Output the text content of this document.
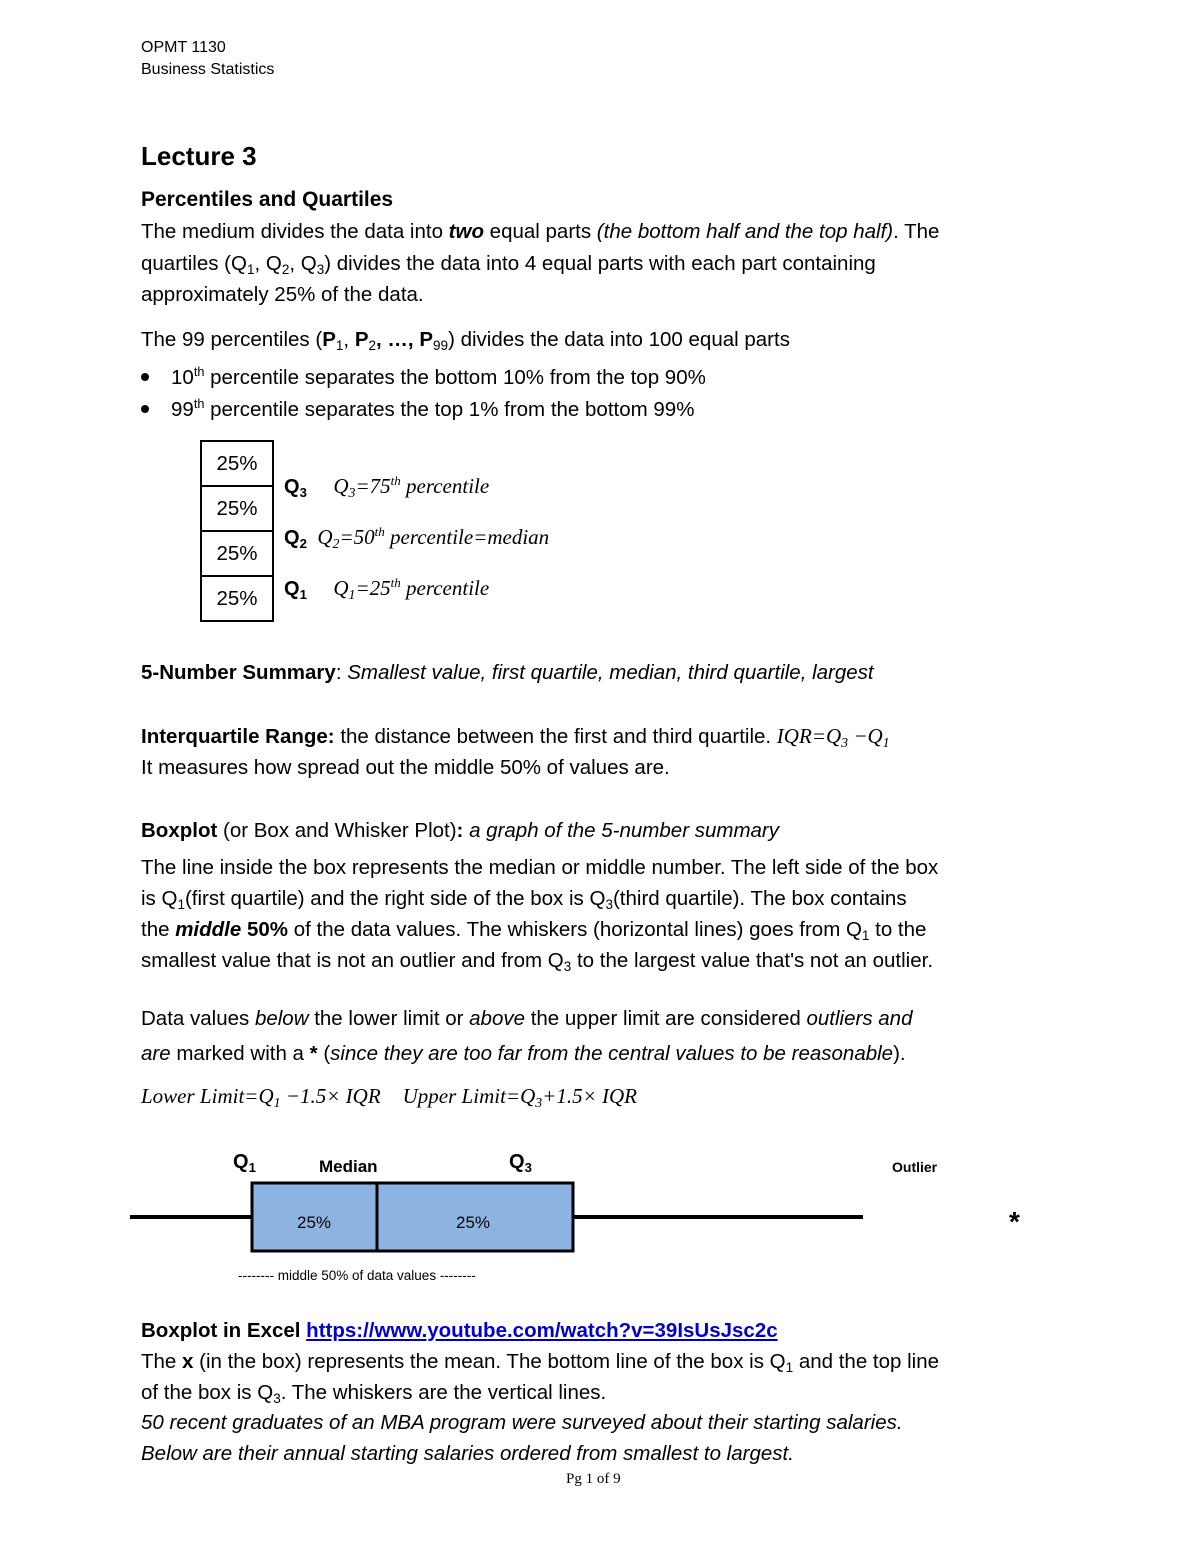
OPMT 1130
Business Statistics
Lecture 3
Percentiles and Quartiles
The medium divides the data into two equal parts (the bottom half and the top half). The
quartiles ($Q_1$, $Q_2$, $Q_3$) divides the data into 4 equal parts with each part containing
approximately 25% of the data.
The 99 percentiles ($P_1$, $P_2$, …, $P_{99}$) divides the data into 100 equal parts
10th percentile separates the bottom 10% from the top 90%
99th percentile separates the top 1% from the bottom 99%
25%
25%
25%
25%
$Q_3$ $Q_3=75th$ percentile
$Q_2$ $Q_2=50th$ percentile=median
$Q_1$ $Q_1=25th$ percentile
5-Number Summary: Smallest value, first quartile, median, third quartile, largest
Interquartile Range: the distance between the first and third quartile. $IQR=Q_3 -Q_1$
It measures how spread out the middle 50% of values are.
Boxplot (or Box and Whisker Plot): a graph of the 5-number summary
The line inside the box represents the median or middle number. The left side of the box
is $Q_1(first$ quartile) and the right side of the box is $Q_3(third$ quartile). The box contains
the middle 50% of the data values. The whiskers (horizontal lines) goes from $Q_1$ to the
smallest value that is not an outlier and from $Q_3$ to the largest value that's not an outlier.
Data values below the lower limit or above the upper limit are considered outliers and
are marked with a * (since they are too far from the central values to be reasonable).
Lower $Limit=Q_1 -1.5\times$ IQR Upper $Limit=Q_3+1.5\times$ IQR
$Q_1$	Median	$Q_3$	Outlier
25%	25%	*
-------- middle 50% of data values --------
Boxplot in Excel https://www.youtube.com/watch?v=39IsUsJsc2c
The x (in the box) represents the mean. The bottom line of the box is $Q_1$ and the top line
of the box is $Q_3$. The whiskers are the vertical lines.
50 recent graduates of an MBA program were surveyed about their starting salaries.
Below are their annual starting salaries ordered from smallest to largest.
Pg 1 of 9
